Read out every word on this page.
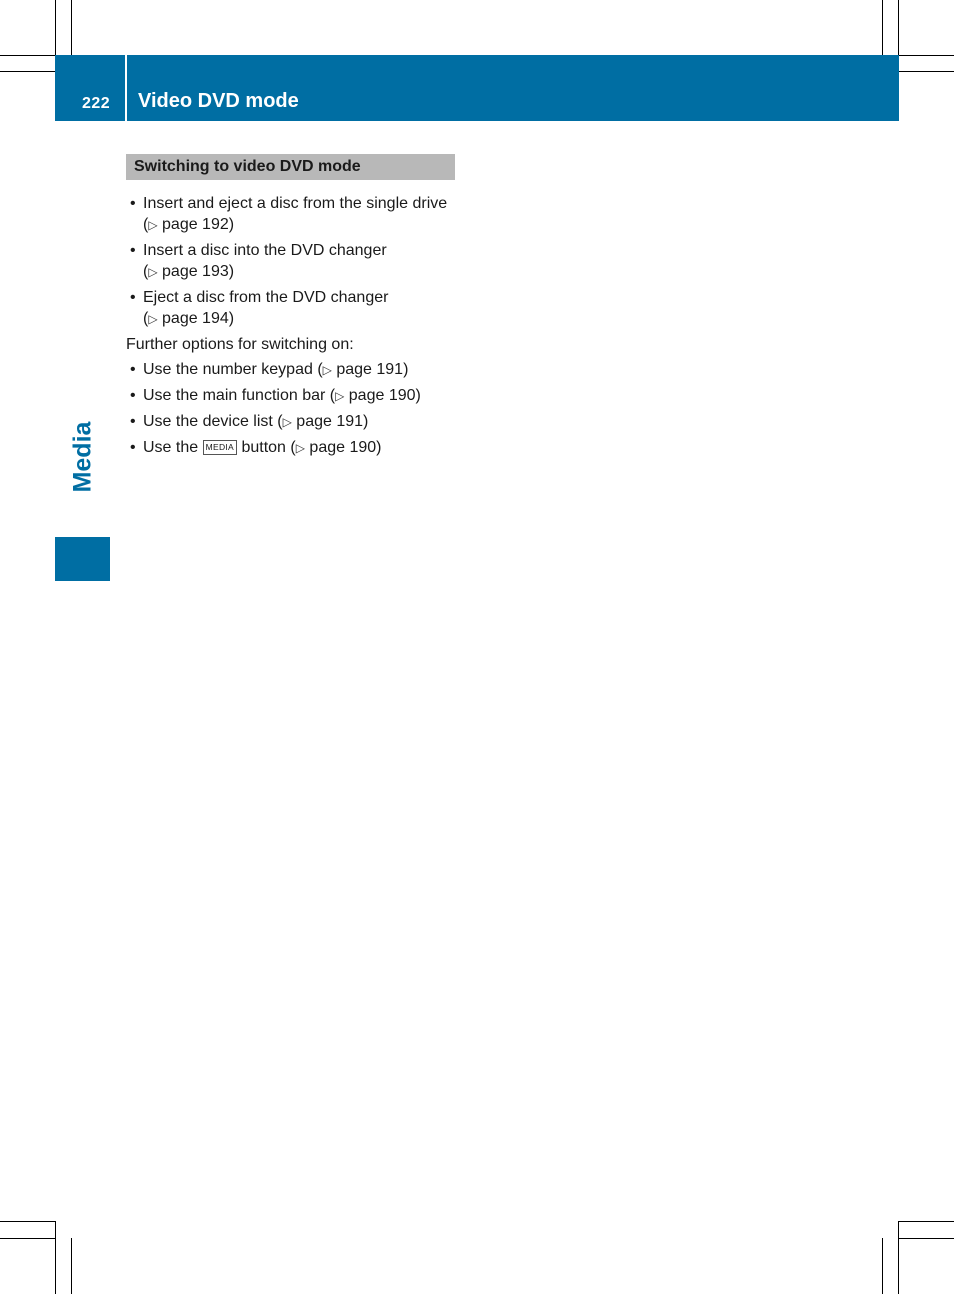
222 Video DVD mode
Media
Switching to video DVD mode
• Insert and eject a disc from the single drive
(▷ page 192)
• Insert a disc into the DVD changer
(▷ page 193)
• Eject a disc from the DVD changer
(▷ page 194)
Further options for switching on:
• Use the number keypad (▷ page 191)
• Use the main function bar (▷ page 190)
• Use the device list (▷ page 191)
• Use the MEDIA button (▷ page 190)
